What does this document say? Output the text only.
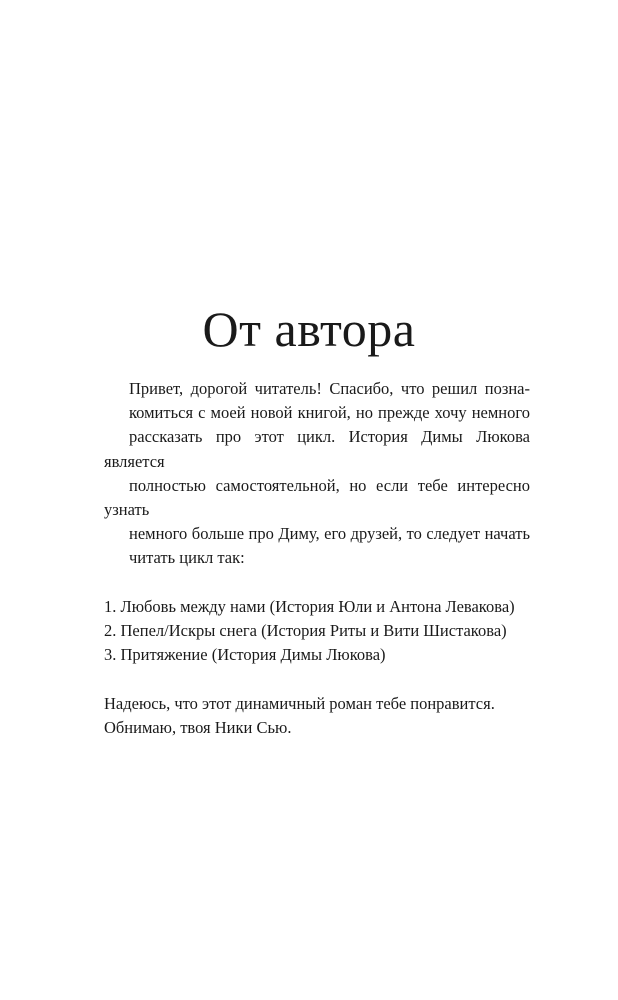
От автора

Привет, дорогой читатель! Спасибо, что решил позна-
комиться с моей новой книгой, но прежде хочу немного
рассказать про этот цикл. История Димы Люкова является
полностью самостоятельной, но если тебе интересно узнать
немного больше про Диму, его друзей, то следует начать
читать цикл так:

1. Любовь между нами (История Юли и Антона Левакова)
2. Пепел/Искры снега (История Риты и Вити Шистакова)
3. Притяжение (История Димы Люкова)

Надеюсь, что этот динамичный роман тебе понравится.
Обнимаю, твоя Ники Сью.
